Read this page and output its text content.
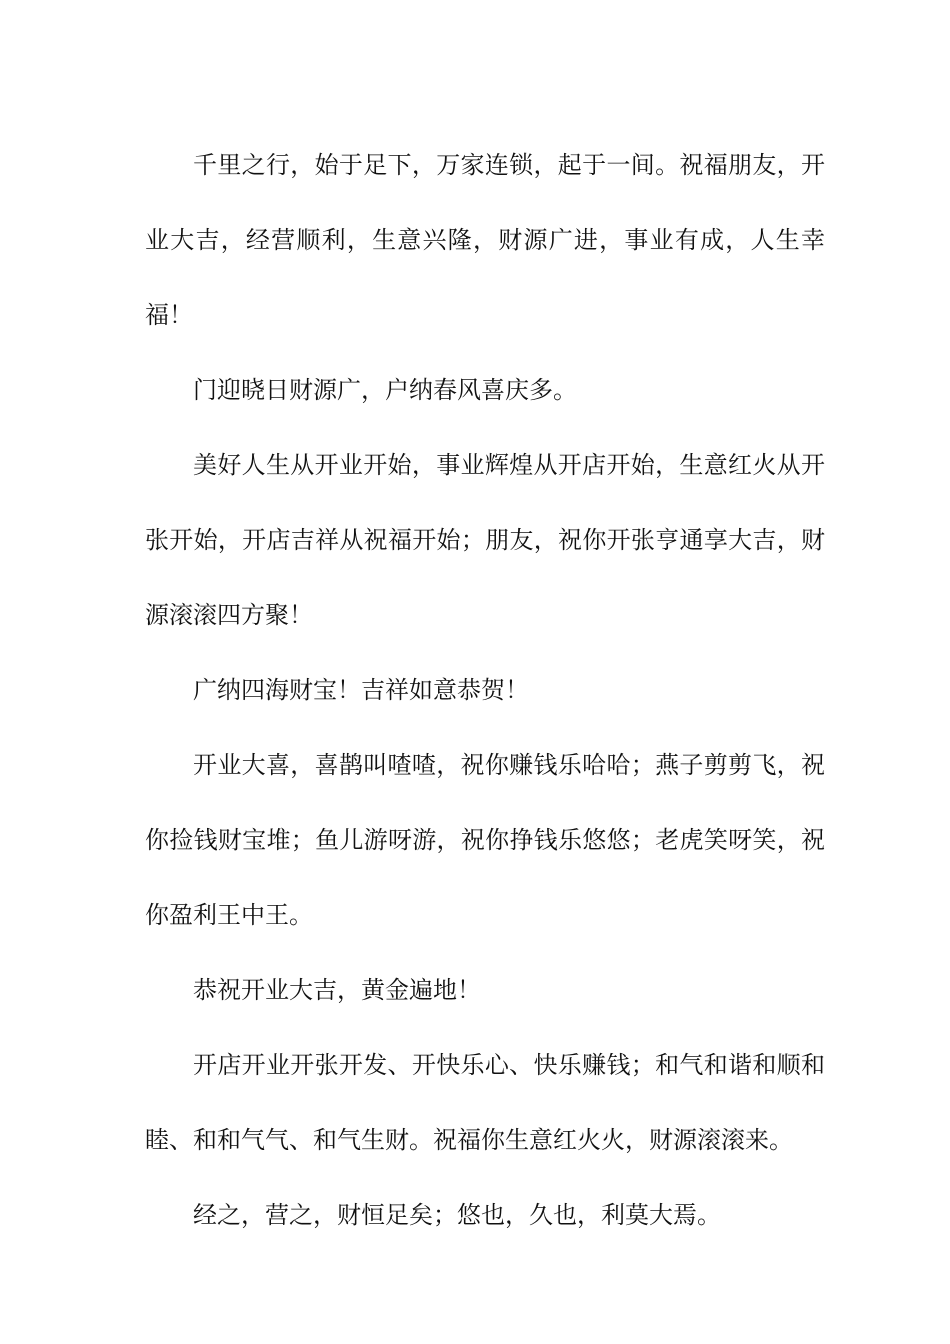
千里之行，始于足下，万家连锁，起于一间。祝福朋友，开业大吉，经营顺利，生意兴隆，财源广进，事业有成，人生幸福！

门迎晓日财源广，户纳春风喜庆多。

美好人生从开业开始，事业辉煌从开店开始，生意红火从开张开始，开店吉祥从祝福开始；朋友，祝你开张亨通享大吉，财源滚滚四方聚！

广纳四海财宝！吉祥如意恭贺！

开业大喜，喜鹊叫喳喳，祝你赚钱乐哈哈；燕子剪剪飞，祝你捡钱财宝堆；鱼儿游呀游，祝你挣钱乐悠悠；老虎笑呀笑，祝你盈利王中王。

恭祝开业大吉，黄金遍地！

开店开业开张开发、开快乐心、快乐赚钱；和气和谐和顺和睦、和和气气、和气生财。祝福你生意红火火，财源滚滚来。

经之，营之，财恒足矣；悠也，久也，利莫大焉。
